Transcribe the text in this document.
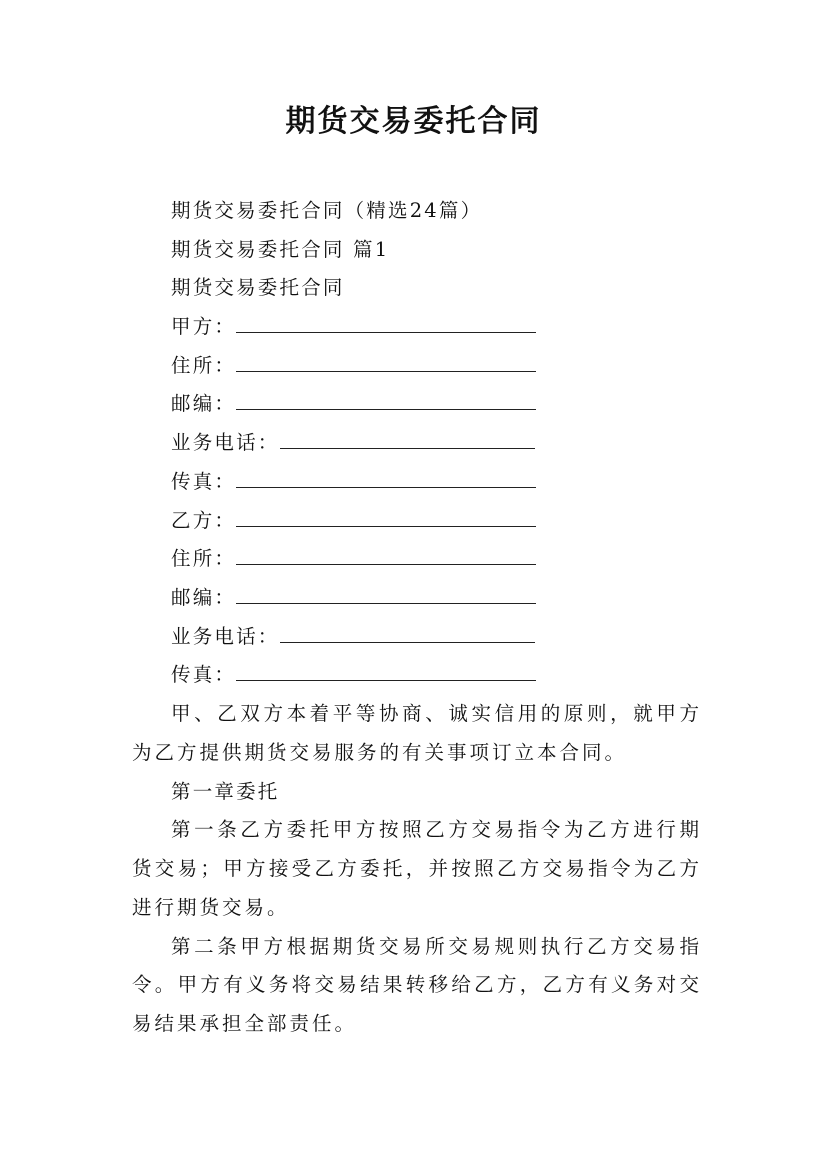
期货交易委托合同
期货交易委托合同（精选24篇）
期货交易委托合同 篇1
期货交易委托合同
甲方：
住所：
邮编：
业务电话：
传真：
乙方：
住所：
邮编：
业务电话：
传真：
甲、乙双方本着平等协商、诚实信用的原则，就甲方为乙方提供期货交易服务的有关事项订立本合同。
第一章委托
第一条乙方委托甲方按照乙方交易指令为乙方进行期货交易；甲方接受乙方委托，并按照乙方交易指令为乙方进行期货交易。
第二条甲方根据期货交易所交易规则执行乙方交易指令。甲方有义务将交易结果转移给乙方，乙方有义务对交易结果承担全部责任。
